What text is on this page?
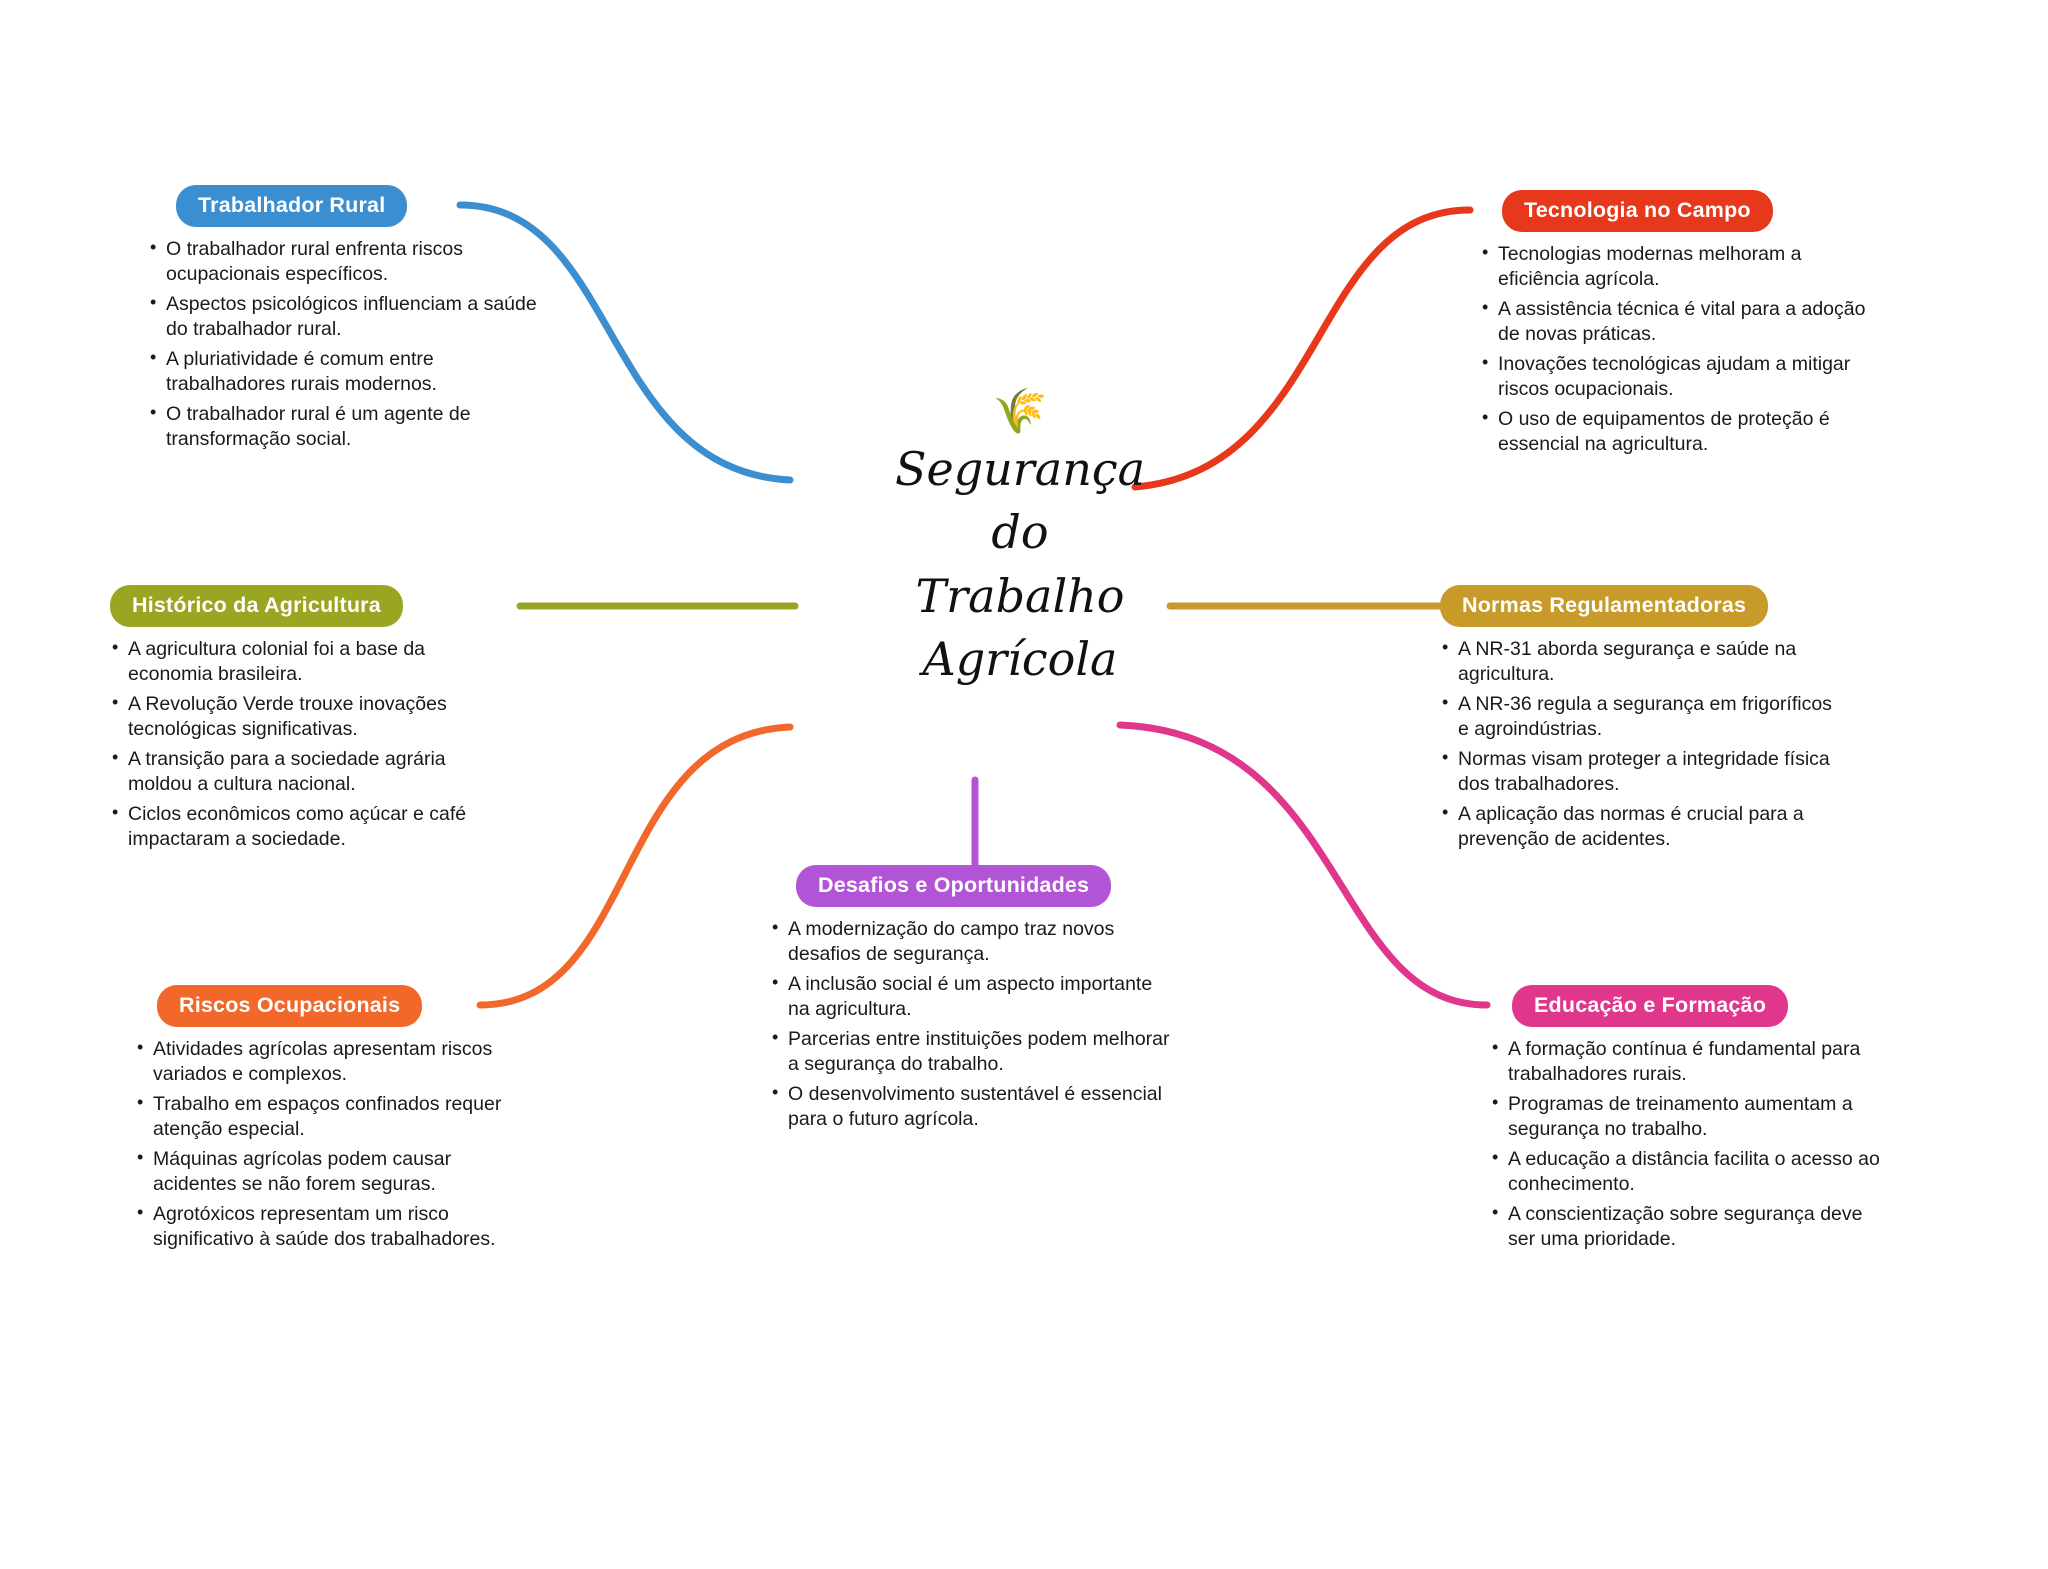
🌾
Segurança
do
Trabalho
Agrícola
Trabalhador Rural
• O trabalhador rural enfrenta riscos ocupacionais específicos.
• Aspectos psicológicos influenciam a saúde do trabalhador rural.
• A pluriatividade é comum entre trabalhadores rurais modernos.
• O trabalhador rural é um agente de transformação social.
Histórico da Agricultura
• A agricultura colonial foi a base da economia brasileira.
• A Revolução Verde trouxe inovações tecnológicas significativas.
• A transição para a sociedade agrária moldou a cultura nacional.
• Ciclos econômicos como açúcar e café impactaram a sociedade.
Riscos Ocupacionais
• Atividades agrícolas apresentam riscos variados e complexos.
• Trabalho em espaços confinados requer atenção especial.
• Máquinas agrícolas podem causar acidentes se não forem seguras.
• Agrotóxicos representam um risco significativo à saúde dos trabalhadores.
Tecnologia no Campo
• Tecnologias modernas melhoram a eficiência agrícola.
• A assistência técnica é vital para a adoção de novas práticas.
• Inovações tecnológicas ajudam a mitigar riscos ocupacionais.
• O uso de equipamentos de proteção é essencial na agricultura.
Normas Regulamentadoras
• A NR-31 aborda segurança e saúde na agricultura.
• A NR-36 regula a segurança em frigoríficos e agroindústrias.
• Normas visam proteger a integridade física dos trabalhadores.
• A aplicação das normas é crucial para a prevenção de acidentes.
Educação e Formação
• A formação contínua é fundamental para trabalhadores rurais.
• Programas de treinamento aumentam a segurança no trabalho.
• A educação a distância facilita o acesso ao conhecimento.
• A conscientização sobre segurança deve ser uma prioridade.
Desafios e Oportunidades
• A modernização do campo traz novos desafios de segurança.
• A inclusão social é um aspecto importante na agricultura.
• Parcerias entre instituições podem melhorar a segurança do trabalho.
• O desenvolvimento sustentável é essencial para o futuro agrícola.
